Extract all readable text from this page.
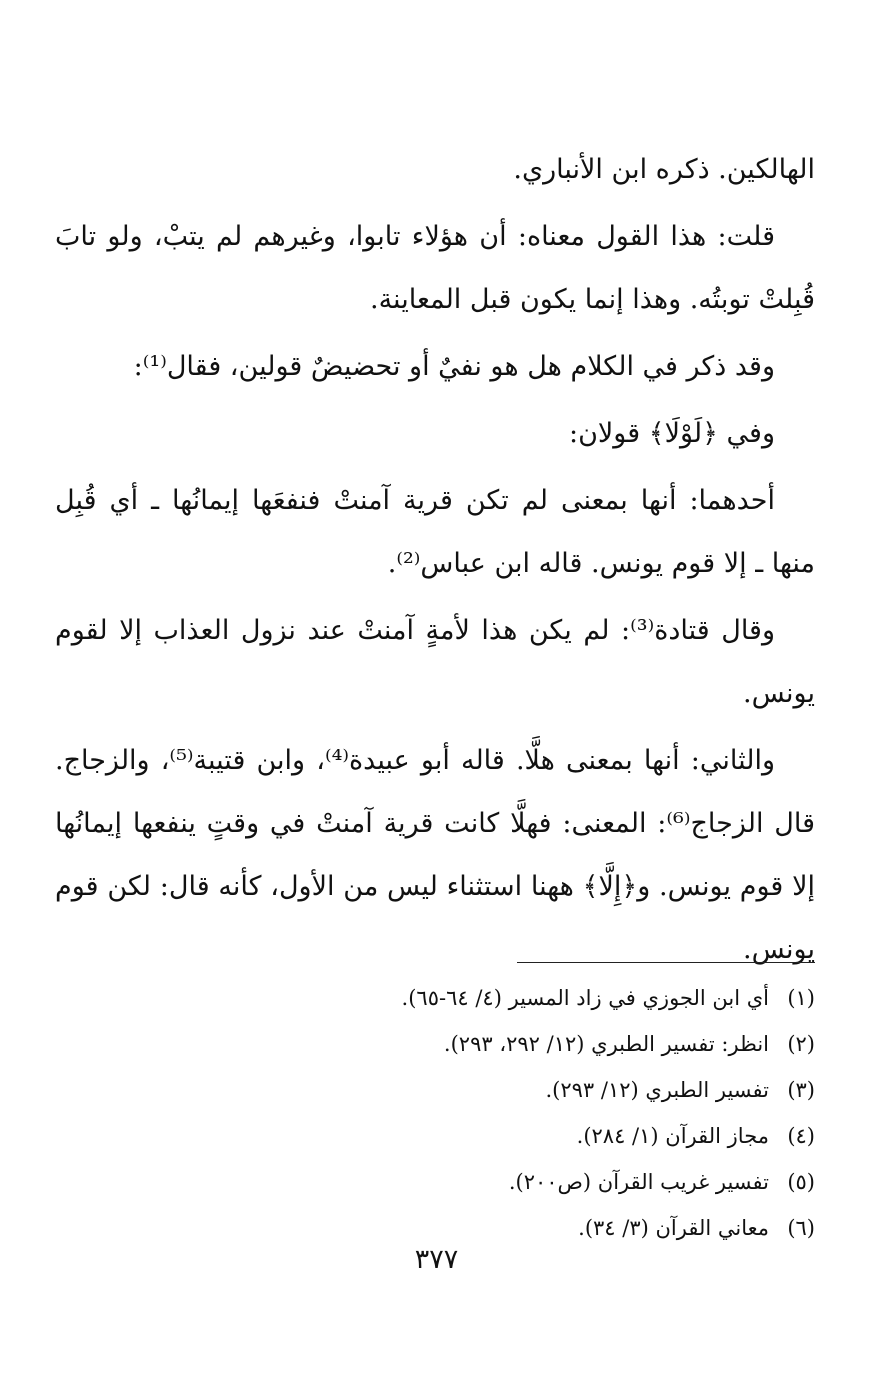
الهالكين. ذكره ابن الأنباري.

قلت: هذا القول معناه: أن هؤلاء تابوا، وغيرهم لم يتبْ، ولو تابَ قُبِلتْ توبتُه. وهذا إنما يكون قبل المعاينة.

وقد ذكر في الكلام هل هو نفيٌ أو تحضيضٌ قولين، فقال⁽¹⁾:

وفي ﴿لَوْلَا﴾ قولان:

أحدهما: أنها بمعنى لم تكن قرية آمنتْ فنفعَها إيمانُها ـ أي قُبِل منها ـ إلا قوم يونس. قاله ابن عباس⁽²⁾.

وقال قتادة⁽³⁾: لم يكن هذا لأمةٍ آمنتْ عند نزول العذاب إلا لقوم يونس.

والثاني: أنها بمعنى هلَّا. قاله أبو عبيدة⁽⁴⁾، وابن قتيبة⁽⁵⁾، والزجاج. قال الزجاج⁽⁶⁾: المعنى: فهلَّا كانت قرية آمنتْ في وقتٍ ينفعها إيمانُها إلا قوم يونس. و﴿إِلَّا﴾ ههنا استثناء ليس من الأول، كأنه قال: لكن قوم يونس.

(١)أي ابن الجوزي في زاد المسير (٤/ ٦٤-٦٥).
(٢)انظر: تفسير الطبري (١٢/ ٢٩٢، ٢٩٣).
(٣)تفسير الطبري (١٢/ ٢٩٣).
(٤)مجاز القرآن (١/ ٢٨٤).
(٥)تفسير غريب القرآن (ص٢٠٠).
(٦)معاني القرآن (٣/ ٣٤).
٣٧٧
